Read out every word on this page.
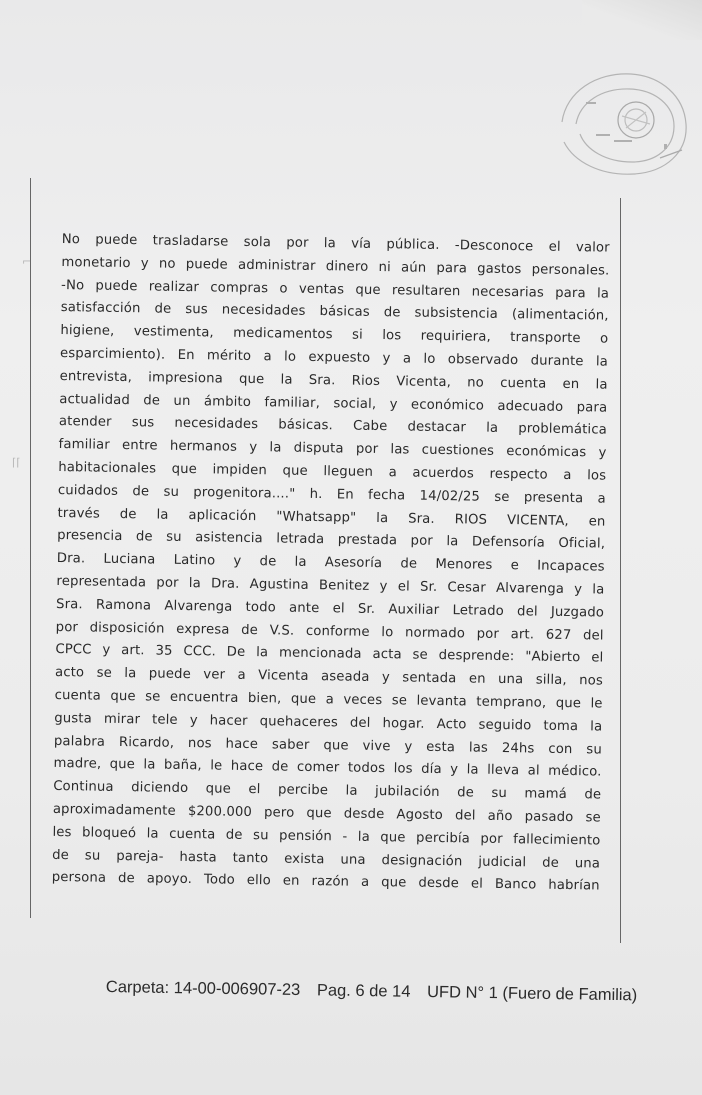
⌈⌈
⌐
No puede trasladarse sola por la vía pública. -Desconoce el valor
monetario y no puede administrar dinero ni aún para gastos personales.
-No puede realizar compras o ventas que resultaren necesarias para la
satisfacción de sus necesidades básicas de subsistencia (alimentación,
higiene, vestimenta, medicamentos si los requiriera, transporte o
esparcimiento). En mérito a lo expuesto y a lo observado durante la
entrevista, impresiona que la Sra. Rios Vicenta, no cuenta en la
actualidad de un ámbito familiar, social, y económico adecuado para
atender sus necesidades básicas. Cabe destacar la problemática
familiar entre hermanos y la disputa por las cuestiones económicas y
habitacionales que impiden que lleguen a acuerdos respecto a los
cuidados de su progenitora...." h. En fecha 14/02/25 se presenta a
través de la aplicación "Whatsapp" la Sra. RIOS VICENTA, en
presencia de su asistencia letrada prestada por la Defensoría Oficial,
Dra. Luciana Latino y de la Asesoría de Menores e Incapaces
representada por la Dra. Agustina Benitez y el Sr. Cesar Alvarenga y la
Sra. Ramona Alvarenga todo ante el Sr. Auxiliar Letrado del Juzgado
por disposición expresa de V.S. conforme lo normado por art. 627 del
CPCC y art. 35 CCC. De la mencionada acta se desprende: "Abierto el
acto se la puede ver a Vicenta aseada y sentada en una silla, nos
cuenta que se encuentra bien, que a veces se levanta temprano, que le
gusta mirar tele y hacer quehaceres del hogar. Acto seguido toma la
palabra Ricardo, nos hace saber que vive y esta las 24hs con su
madre, que la baña, le hace de comer todos los día y la lleva al médico.
Continua diciendo que el percibe la jubilación de su mamá de
aproximadamente $200.000 pero que desde Agosto del año pasado se
les bloqueó la cuenta de su pensión - la que percibía por fallecimiento
de su pareja- hasta tanto exista una designación judicial de una
persona de apoyo. Todo ello en razón a que desde el Banco habrían
Carpeta: 14-00-006907-23 Pag. 6 de 14 UFD N° 1 (Fuero de Familia)
